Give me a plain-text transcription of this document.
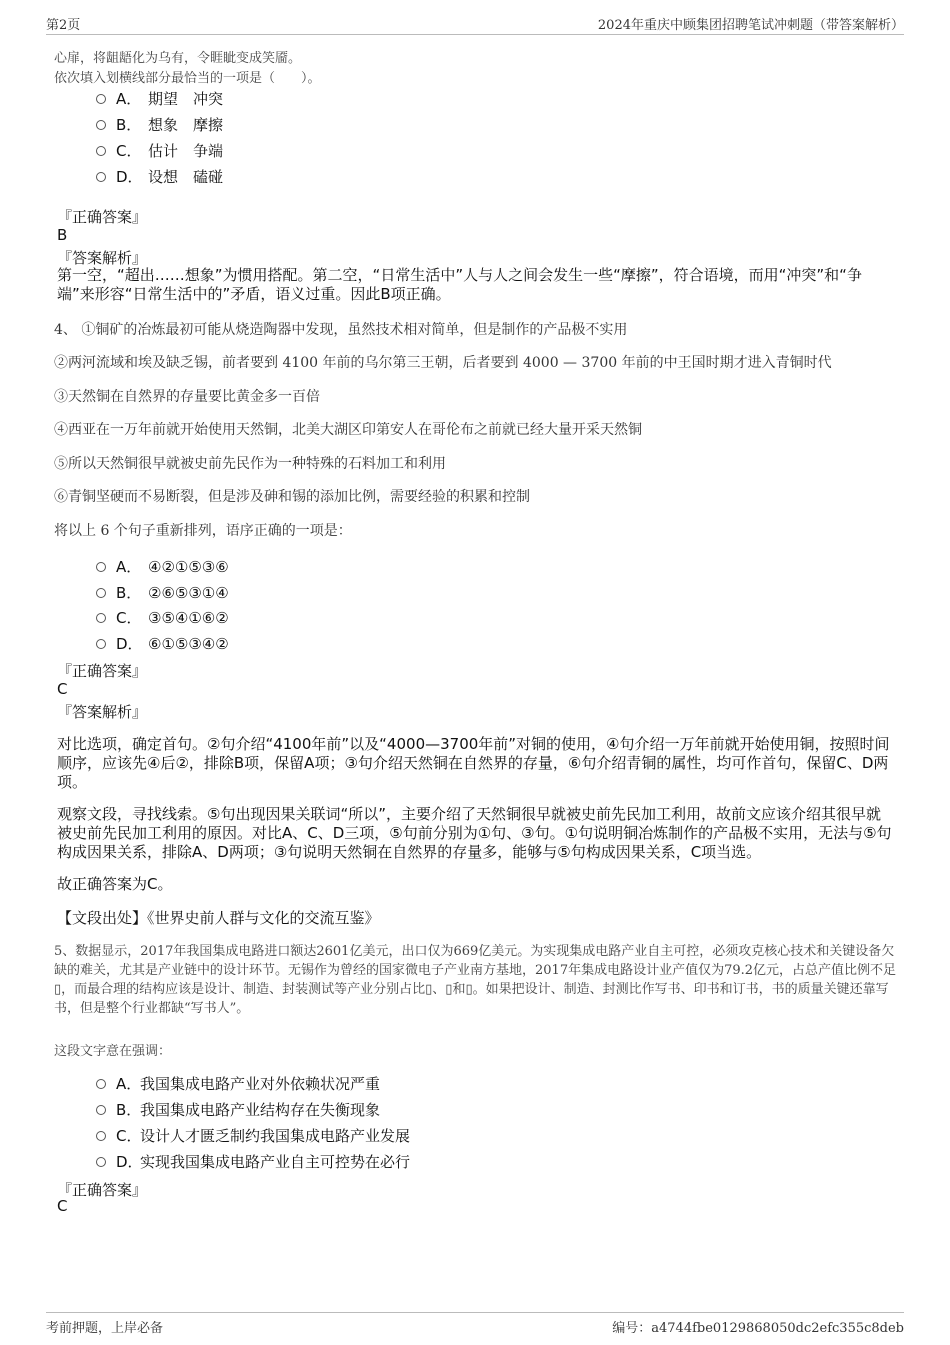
第2页	2024年重庆中顾集团招聘笔试冲刺题（带答案解析）
心扉，将龃龉化为乌有，令睚眦变成笑靥。
依次填入划横线部分最恰当的一项是（　　）。
A． 期望　冲突
B． 想象　摩擦
C． 估计　争端
D． 设想　磕碰
『正确答案』
B
『答案解析』
第一空，“超出……想象”为惯用搭配。第二空，“日常生活中”人与人之间会发生一些“摩擦”，符合语境，而用“冲突”和“争端”来形容“日常生活中的”矛盾，语义过重。因此B项正确。
4、 ①铜矿的冶炼最初可能从烧造陶器中发现，虽然技术相对简单，但是制作的产品极不实用
②两河流域和埃及缺乏锡，前者要到 4100 年前的乌尔第三王朝，后者要到 4000 — 3700 年前的中王国时期才进入青铜时代
③天然铜在自然界的存量要比黄金多一百倍
④西亚在一万年前就开始使用天然铜，北美大湖区印第安人在哥伦布之前就已经大量开采天然铜
⑤所以天然铜很早就被史前先民作为一种特殊的石料加工和利用
⑥青铜坚硬而不易断裂，但是涉及砷和锡的添加比例，需要经验的积累和控制
将以上 6 个句子重新排列，语序正确的一项是：
A． ④②①⑤③⑥
B． ②⑥⑤③①④
C． ③⑤④①⑥②
D． ⑥①⑤③④②
『正确答案』
C
『答案解析』
对比选项，确定首句。②句介绍“4100年前”以及“4000—3700年前”对铜的使用，④句介绍一万年前就开始使用铜，按照时间顺序，应该先④后②，排除B项，保留A项；③句介绍天然铜在自然界的存量，⑥句介绍青铜的属性，均可作首句，保留C、D两项。
观察文段，寻找线索。⑤句出现因果关联词“所以”，主要介绍了天然铜很早就被史前先民加工利用，故前文应该介绍其很早就被史前先民加工利用的原因。对比A、C、D三项，⑤句前分别为①句、③句。①句说明铜冶炼制作的产品极不实用，无法与⑤句构成因果关系，排除A、D两项；③句说明天然铜在自然界的存量多，能够与⑤句构成因果关系，C项当选。
故正确答案为C。
【文段出处】《世界史前人群与文化的交流互鉴》
5、数据显示，2017年我国集成电路进口额达2601亿美元，出口仅为669亿美元。为实现集成电路产业自主可控，必须攻克核心技术和关键设备欠缺的难关，尤其是产业链中的设计环节。无锡作为曾经的国家微电子产业南方基地，2017年集成电路设计业产值仅为79.2亿元，占总产值比例不足▯，而最合理的结构应该是设计、制造、封装测试等产业分别占比▯、▯和▯。如果把设计、制造、封测比作写书、印书和订书，书的质量关键还靠写书，但是整个行业都缺“写书人”。
这段文字意在强调：
A．我国集成电路产业对外依赖状况严重
B．我国集成电路产业结构存在失衡现象
C．设计人才匮乏制约我国集成电路产业发展
D．实现我国集成电路产业自主可控势在必行
『正确答案』
C
考前押题，上岸必备	编号：a4744fbe0129868050dc2efc355c8deb
